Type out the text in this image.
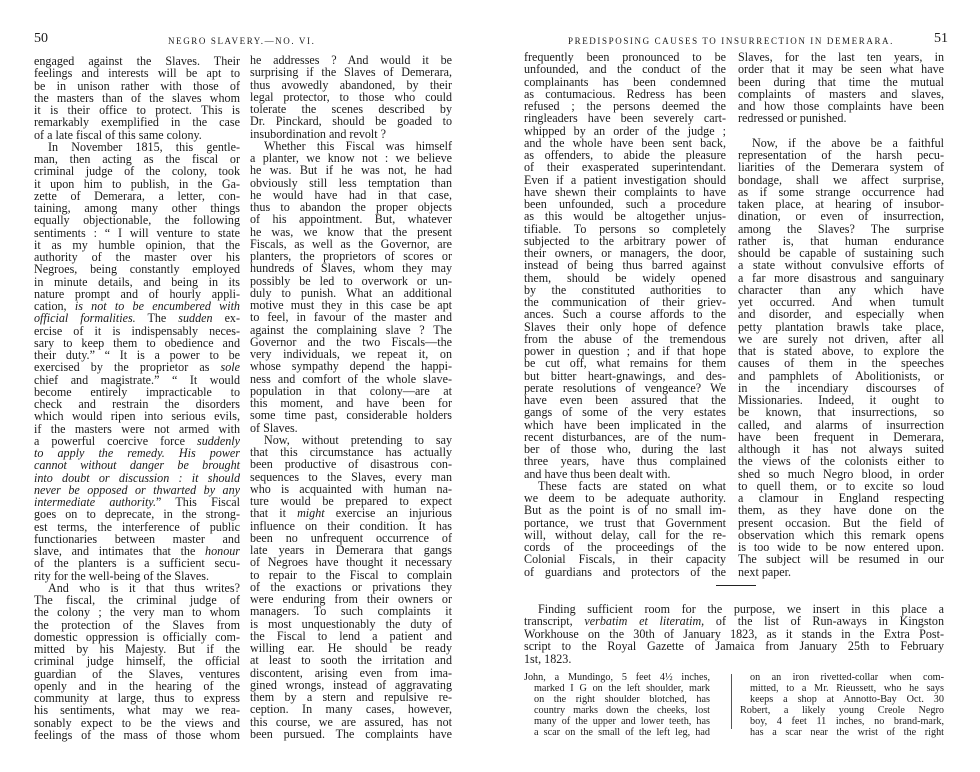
50	NEGRO SLAVERY.—NO. VI.
engaged against the Slaves. Their
feelings and interests will be apt to
be in unison rather with those of
the masters than of the slaves whom
it is their office to protect. This is
remarkably exemplified in the case
of a late fiscal of this same colony.
In November 1815, this gentle-
man, then acting as the fiscal or
criminal judge of the colony, took
it upon him to publish, in the Ga-
zette of Demerara, a letter, con-
taining, among many other things
equally objectionable, the following
sentiments : “ I will venture to state
it as my humble opinion, that the
authority of the master over his
Negroes, being constantly employed
in minute details, and being in its
nature prompt and of hourly appli-
cation, is not to be encumbered with
official formalities. The sudden ex-
ercise of it is indispensably neces-
sary to keep them to obedience and
their duty.” “ It is a power to be
exercised by the proprietor as sole
chief and magistrate.” “ It would
become entirely impracticable to
check and restrain the disorders
which would ripen into serious evils,
if the masters were not armed with
a powerful coercive force suddenly
to apply the remedy. His power
cannot without danger be brought
into doubt or discussion : it should
never be opposed or thwarted by any
intermediate authority.” This Fiscal
goes on to deprecate, in the strong-
est terms, the interference of public
functionaries between master and
slave, and intimates that the honour
of the planters is a sufficient secu-
rity for the well-being of the Slaves.
And who is it that thus writes?
The fiscal, the criminal judge of
the colony ; the very man to whom
the protection of the Slaves from
domestic oppression is officially com-
mitted by his Majesty. But if the
criminal judge himself, the official
guardian of the Slaves, ventures
openly and in the hearing of the
community at large, thus to express
his sentiments, what may we rea-
sonably expect to be the views and
feelings of the mass of those whom
he addresses ? And would it be
surprising if the Slaves of Demerara,
thus avowedly abandoned, by their
legal protector, to those who could
tolerate the scenes described by
Dr. Pinckard, should be goaded to
insubordination and revolt ?
Whether this Fiscal was himself
a planter, we know not : we believe
he was. But if he was not, he had
obviously still less temptation than
he would have had in that case,
thus to abandon the proper objects
of his appointment. But, whatever
he was, we know that the present
Fiscals, as well as the Governor, are
planters, the proprietors of scores or
hundreds of Slaves, whom they may
possibly be led to overwork or un-
duly to punish. What an additional
motive must they in this case be apt
to feel, in favour of the master and
against the complaining slave ? The
Governor and the two Fiscals—the
very individuals, we repeat it, on
whose sympathy depend the happi-
ness and comfort of the whole slave-
population in that colony—are at
this moment, and have been for
some time past, considerable holders
of Slaves.
Now, without pretending to say
that this circumstance has actually
been productive of disastrous con-
sequences to the Slaves, every man
who is acquainted with human na-
ture would be prepared to expect
that it might exercise an injurious
influence on their condition. It has
been no unfrequent occurrence of
late years in Demerara that gangs
of Negroes have thought it necessary
to repair to the Fiscal to complain
of the exactions or privations they
were enduring from their owners or
managers. To such complaints it
is most unquestionably the duty of
the Fiscal to lend a patient and
willing ear. He should be ready
at least to sooth the irritation and
discontent, arising even from ima-
gined wrongs, instead of aggravating
them by a stern and repulsive re-
ception. In many cases, however,
this course, we are assured, has not
been pursued. The complaints have
PREDISPOSING CAUSES TO INSURRECTION IN DEMERARA.	51
frequently been pronounced to be
unfounded, and the conduct of the
complainants has been condemned
as contumacious. Redress has been
refused ; the persons deemed the
ringleaders have been severely cart-
whipped by an order of the judge ;
and the whole have been sent back,
as offenders, to abide the pleasure
of their exasperated superintendant.
Even if a patient investigation should
have shewn their complaints to have
been unfounded, such a procedure
as this would be altogether unjus-
tifiable. To persons so completely
subjected to the arbitrary power of
their owners, or managers, the door,
instead of being thus barred against
them, should be widely opened
by the constituted authorities to
the communication of their griev-
ances. Such a course affords to the
Slaves their only hope of defence
from the abuse of the tremendous
power in question ; and if that hope
be cut off, what remains for them
but bitter heart-gnawings, and des-
perate resolutions of vengeance? We
have even been assured that the
gangs of some of the very estates
which have been implicated in the
recent disturbances, are of the num-
ber of those who, during the last
three years, have thus complained
and have thus been dealt with.
These facts are stated on what
we deem to be adequate authority.
But as the point is of no small im-
portance, we trust that Government
will, without delay, call for the re-
cords of the proceedings of the
Colonial Fiscals, in their capacity
of guardians and protectors of the
Slaves, for the last ten years, in
order that it may be seen what have
been during that time the mutual
complaints of masters and slaves,
and how those complaints have been
redressed or punished.

Now, if the above be a faithful
representation of the harsh pecu-
liarities of the Demerara system of
bondage, shall we affect surprise,
as if some strange occurrence had
taken place, at hearing of insubor-
dination, or even of insurrection,
among the Slaves? The surprise
rather is, that human endurance
should be capable of sustaining such
a state without convulsive efforts of
a far more disastrous and sanguinary
character than any which have
yet occurred. And when tumult
and disorder, and especially when
petty plantation brawls take place,
we are surely not driven, after all
that is stated above, to explore the
causes of them in the speeches
and pamphlets of Abolitionists, or
in the incendiary discourses of
Missionaries. Indeed, it ought to
be known, that insurrections, so
called, and alarms of insurrection
have been frequent in Demerara,
although it has not always suited
the views of the colonists either to
shed so much Negro blood, in order
to quell them, or to excite so loud
a clamour in England respecting
them, as they have done on the
present occasion. But the field of
observation which this remark opens
is too wide to be now entered upon.
The subject will be resumed in our
next paper.
Finding sufficient room for the purpose, we insert in this place a
transcript, verbatim et literatim, of the list of Run-aways in Kingston
Workhouse on the 30th of January 1823, as it stands in the Extra Post-
script to the Royal Gazette of Jamaica from January 25th to February
1st, 1823.
John, a Mundingo, 5 feet 4½ inches,
marked I G on the left shoulder, mark
on the right shoulder blotched, has
country marks down the cheeks, lost
many of the upper and lower teeth, has
a scar on the small of the left leg, had
on an iron rivetted-collar when com-
mitted, to a Mr. Rieussett, who he says
keeps a shop at Annotto-Bay Oct. 30
Robert, a likely young Creole Negro
boy, 4 feet 11 inches, no brand-mark,
has a scar near the wrist of the right
